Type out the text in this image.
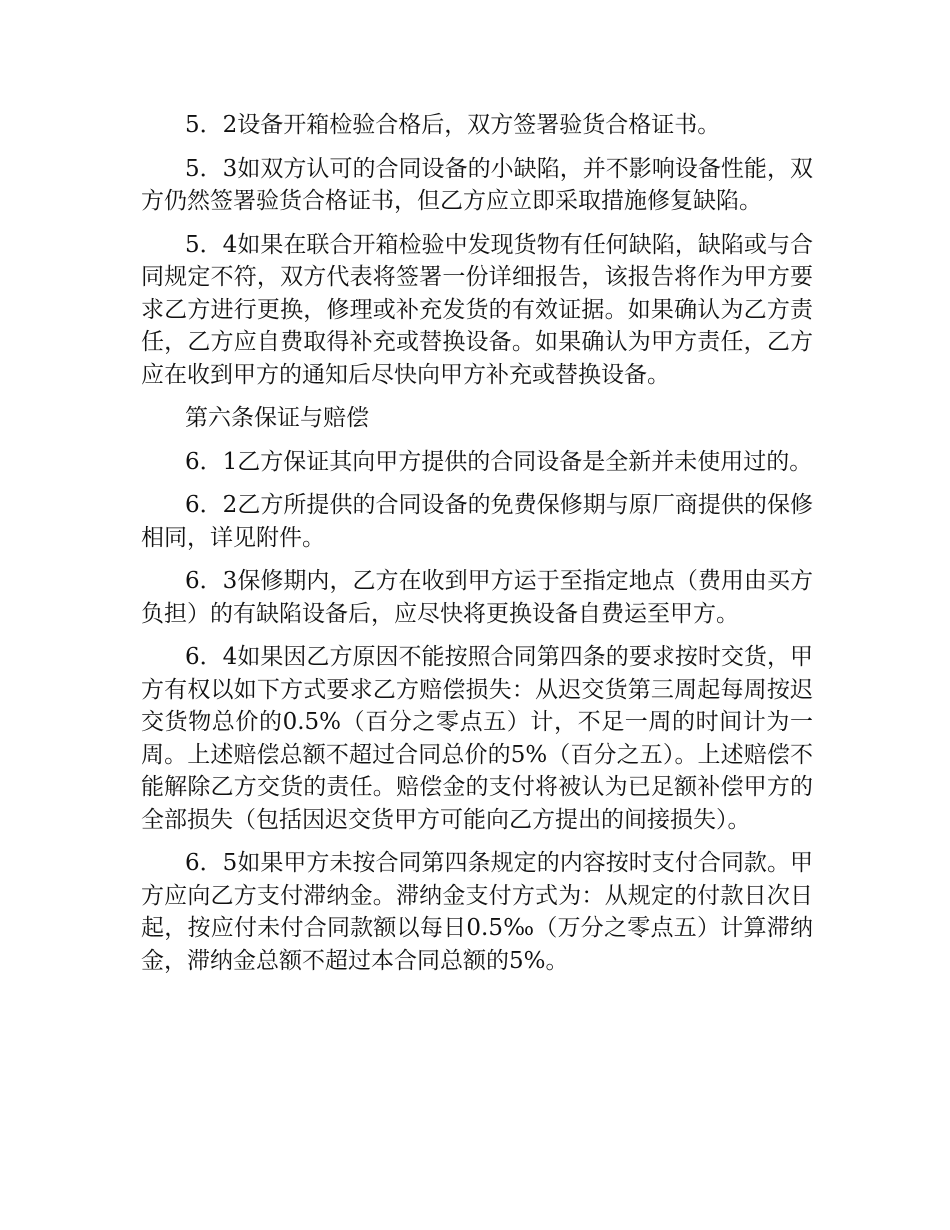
5．2设备开箱检验合格后，双方签署验货合格证书。

5．3如双方认可的合同设备的小缺陷，并不影响设备性能，双方仍然签署验货合格证书，但乙方应立即采取措施修复缺陷。

5．4如果在联合开箱检验中发现货物有任何缺陷，缺陷或与合同规定不符，双方代表将签署一份详细报告，该报告将作为甲方要求乙方进行更换，修理或补充发货的有效证据。如果确认为乙方责任，乙方应自费取得补充或替换设备。如果确认为甲方责任，乙方应在收到甲方的通知后尽快向甲方补充或替换设备。

第六条保证与赔偿

6．1乙方保证其向甲方提供的合同设备是全新并未使用过的。

6．2乙方所提供的合同设备的免费保修期与原厂商提供的保修相同，详见附件。

6．3保修期内，乙方在收到甲方运于至指定地点（费用由买方负担）的有缺陷设备后，应尽快将更换设备自费运至甲方。

6．4如果因乙方原因不能按照合同第四条的要求按时交货，甲方有权以如下方式要求乙方赔偿损失：从迟交货第三周起每周按迟交货物总价的0.5%（百分之零点五）计，不足一周的时间计为一周。上述赔偿总额不超过合同总价的5%（百分之五）。上述赔偿不能解除乙方交货的责任。赔偿金的支付将被认为已足额补偿甲方的全部损失（包括因迟交货甲方可能向乙方提出的间接损失）。

6．5如果甲方未按合同第四条规定的内容按时支付合同款。甲方应向乙方支付滞纳金。滞纳金支付方式为：从规定的付款日次日起，按应付未付合同款额以每日0.5‰（万分之零点五）计算滞纳金，滞纳金总额不超过本合同总额的5%。
